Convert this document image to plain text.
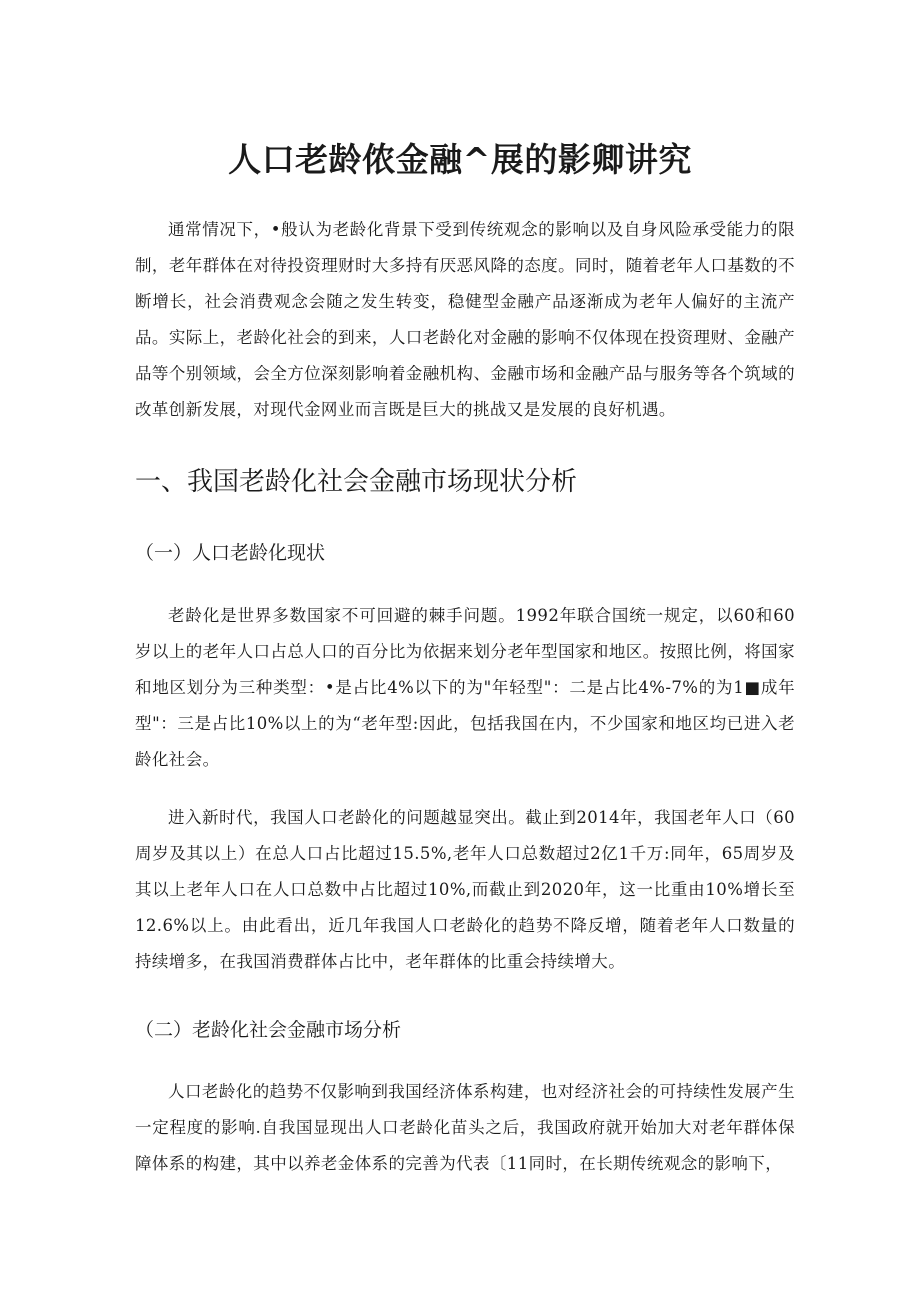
人口老龄侬金融^展的影卿讲究

通常情况下，•般认为老龄化背景下受到传统观念的影响以及自身风险承受能力的限制，老年群体在对待投资理财时大多持有厌恶风降的态度。同时，随着老年人口基数的不断增长，社会消费观念会随之发生转变，稳健型金融产品逐渐成为老年人偏好的主流产品。实际上，老龄化社会的到来，人口老龄化对金融的影响不仅体现在投资理财、金融产品等个别领域，会全方位深刻影响着金融机构、金融市场和金融产品与服务等各个筑域的改革创新发展，对现代金网业而言既是巨大的挑战又是发展的良好机遇。

一、我国老龄化社会金融市场现状分析
（一）人口老龄化现状

老龄化是世界多数国家不可回避的棘手问题。1992年联合国统一规定，以60和60岁以上的老年人口占总人口的百分比为依据来划分老年型国家和地区。按照比例，将国家和地区划分为三种类型：•是占比4%以下的为"年轻型"：二是占比4%-7%的为1■成年型"：三是占比10%以上的为“老年型:因此，包括我国在内，不少国家和地区均已进入老龄化社会。

进入新时代，我国人口老龄化的问题越显突出。截止到2014年，我国老年人口（60周岁及其以上）在总人口占比超过15.5%,老年人口总数超过2亿1千万:同年，65周岁及其以上老年人口在人口总数中占比超过10%,而截止到2020年，这一比重由10%增长至12.6%以上。由此看出，近几年我国人口老龄化的趋势不降反增，随着老年人口数量的持续增多，在我国消费群体占比中，老年群体的比重会持续增大。

（二）老龄化社会金融市场分析

人口老龄化的趋势不仅影响到我国经济体系构建，也对经济社会的可持续性发展产生一定程度的影响.自我国显现出人口老龄化苗头之后，我国政府就开始加大对老年群体保障体系的构建，其中以养老金体系的完善为代表〔11同时，在长期传统观念的影响下，
